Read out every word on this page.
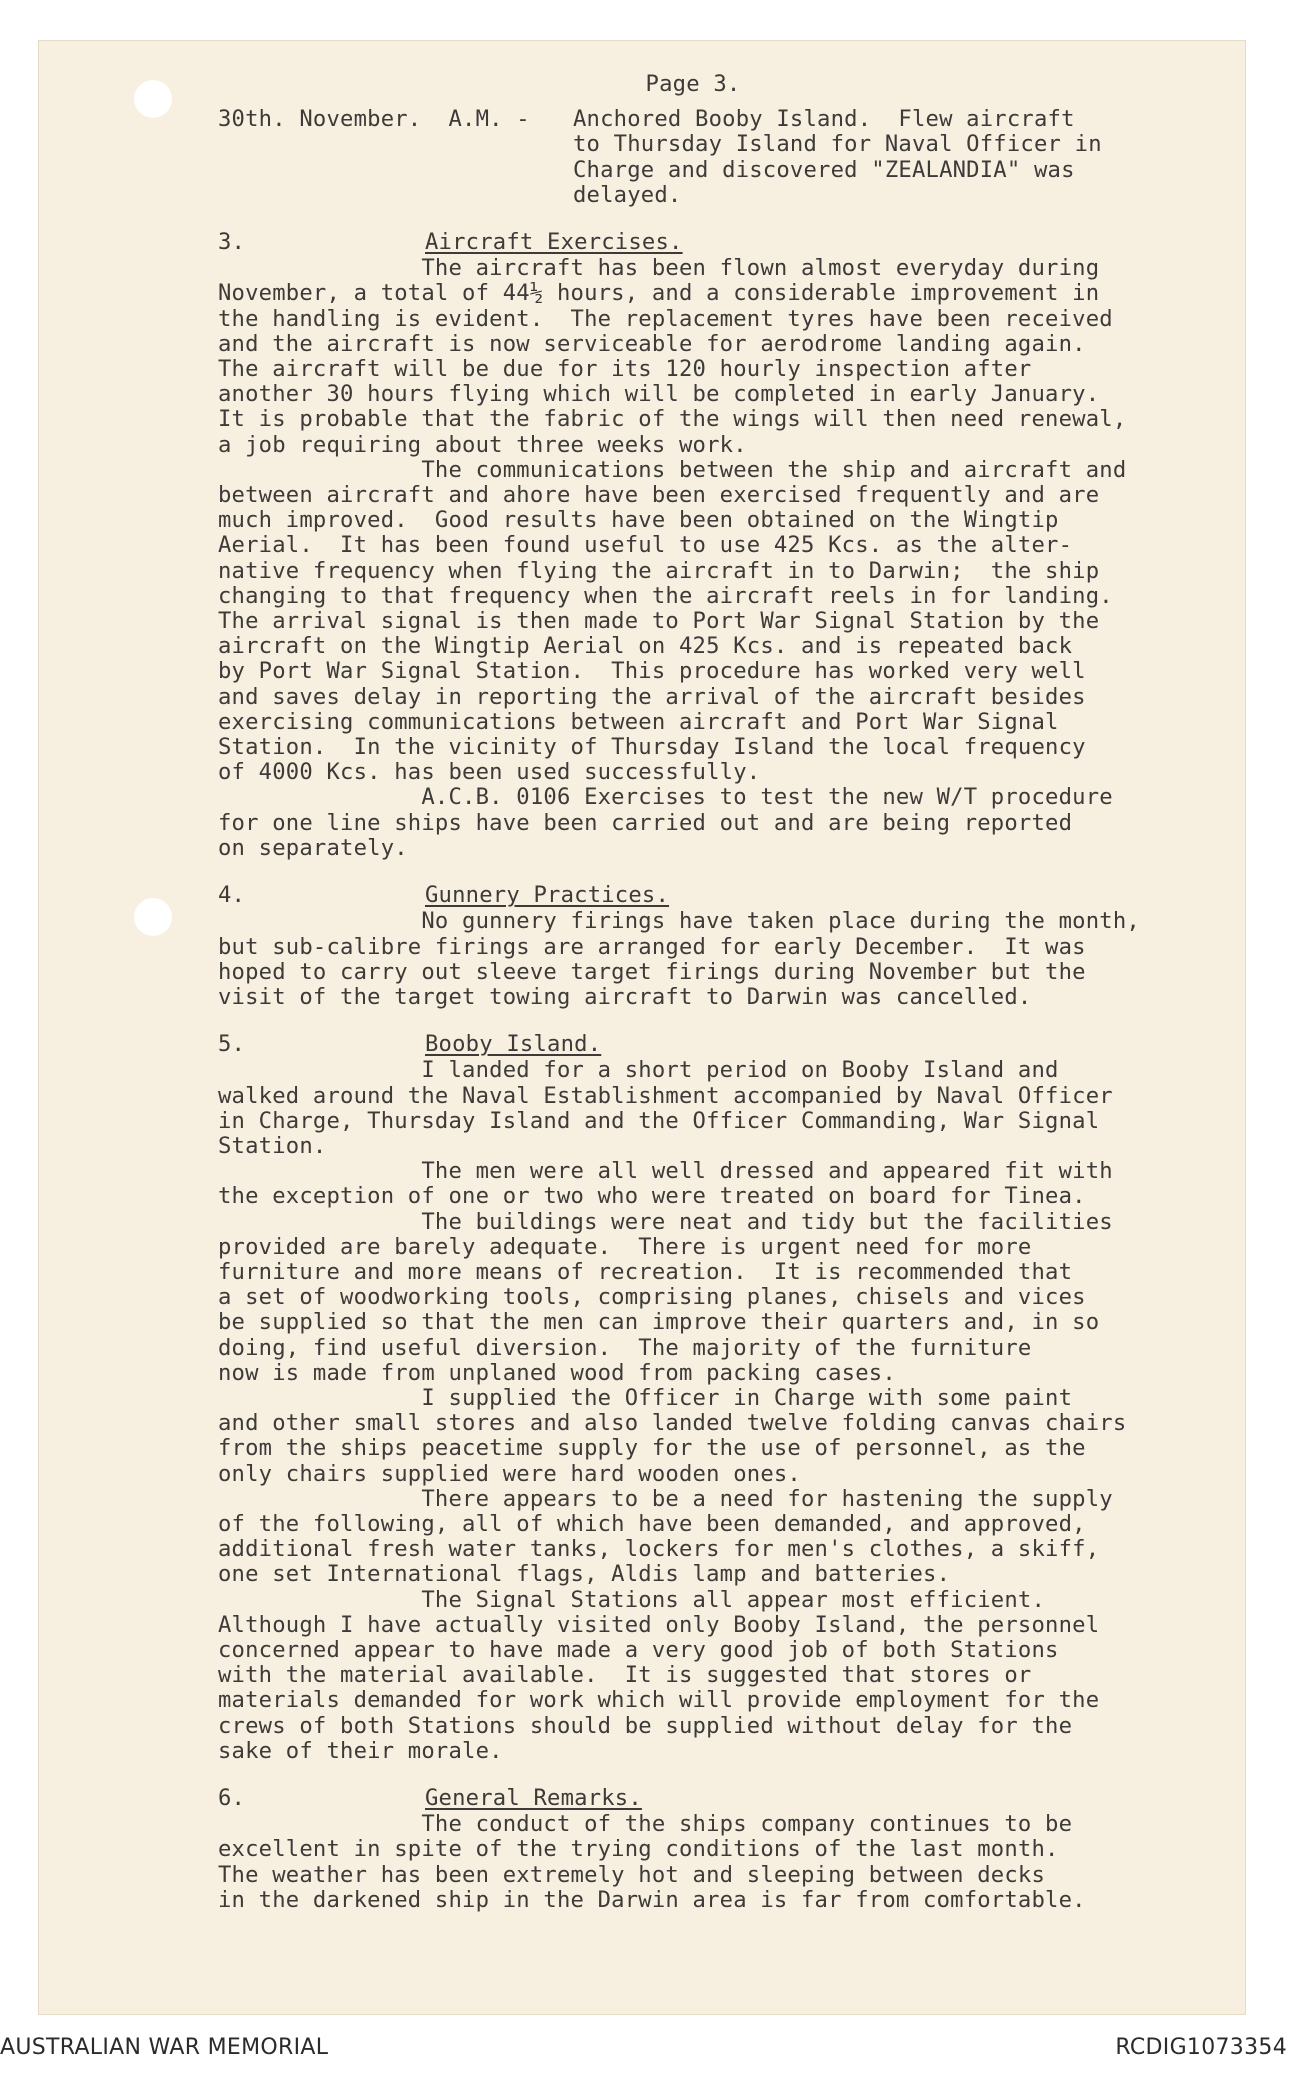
Page 3.
30th. November.  A.M. -	Anchored Booby Island.  Flew aircraft
to Thursday Island for Naval Officer in
Charge and discovered "ZEALANDIA" was
delayed.
3.	Aircraft Exercises.
The aircraft has been flown almost everyday during
November, a total of 44½ hours, and a considerable improvement in
the handling is evident.  The replacement tyres have been received
and the aircraft is now serviceable for aerodrome landing again.
The aircraft will be due for its 120 hourly inspection after
another 30 hours flying which will be completed in early January.
It is probable that the fabric of the wings will then need renewal,
a job requiring about three weeks work.
The communications between the ship and aircraft and
between aircraft and ahore have been exercised frequently and are
much improved.  Good results have been obtained on the Wingtip
Aerial.  It has been found useful to use 425 Kcs. as the alter-
native frequency when flying the aircraft in to Darwin;  the ship
changing to that frequency when the aircraft reels in for landing.
The arrival signal is then made to Port War Signal Station by the
aircraft on the Wingtip Aerial on 425 Kcs. and is repeated back
by Port War Signal Station.  This procedure has worked very well
and saves delay in reporting the arrival of the aircraft besides
exercising communications between aircraft and Port War Signal
Station.  In the vicinity of Thursday Island the local frequency
of 4000 Kcs. has been used successfully.
A.C.B. 0106 Exercises to test the new W/T procedure
for one line ships have been carried out and are being reported
on separately.
4.	Gunnery Practices.
No gunnery firings have taken place during the month,
but sub-calibre firings are arranged for early December.  It was
hoped to carry out sleeve target firings during November but the
visit of the target towing aircraft to Darwin was cancelled.
5.	Booby Island.
I landed for a short period on Booby Island and
walked around the Naval Establishment accompanied by Naval Officer
in Charge, Thursday Island and the Officer Commanding, War Signal
Station.
The men were all well dressed and appeared fit with
the exception of one or two who were treated on board for Tinea.
The buildings were neat and tidy but the facilities
provided are barely adequate.  There is urgent need for more
furniture and more means of recreation.  It is recommended that
a set of woodworking tools, comprising planes, chisels and vices
be supplied so that the men can improve their quarters and, in so
doing, find useful diversion.  The majority of the furniture
now is made from unplaned wood from packing cases.
I supplied the Officer in Charge with some paint
and other small stores and also landed twelve folding canvas chairs
from the ships peacetime supply for the use of personnel, as the
only chairs supplied were hard wooden ones.
There appears to be a need for hastening the supply
of the following, all of which have been demanded, and approved,
additional fresh water tanks, lockers for men's clothes, a skiff,
one set International flags, Aldis lamp and batteries.
The Signal Stations all appear most efficient.
Although I have actually visited only Booby Island, the personnel
concerned appear to have made a very good job of both Stations
with the material available.  It is suggested that stores or
materials demanded for work which will provide employment for the
crews of both Stations should be supplied without delay for the
sake of their morale.
6.	General Remarks.
The conduct of the ships company continues to be
excellent in spite of the trying conditions of the last month.
The weather has been extremely hot and sleeping between decks
in the darkened ship in the Darwin area is far from comfortable.
AUSTRALIAN WAR MEMORIAL	RCDIG1073354
